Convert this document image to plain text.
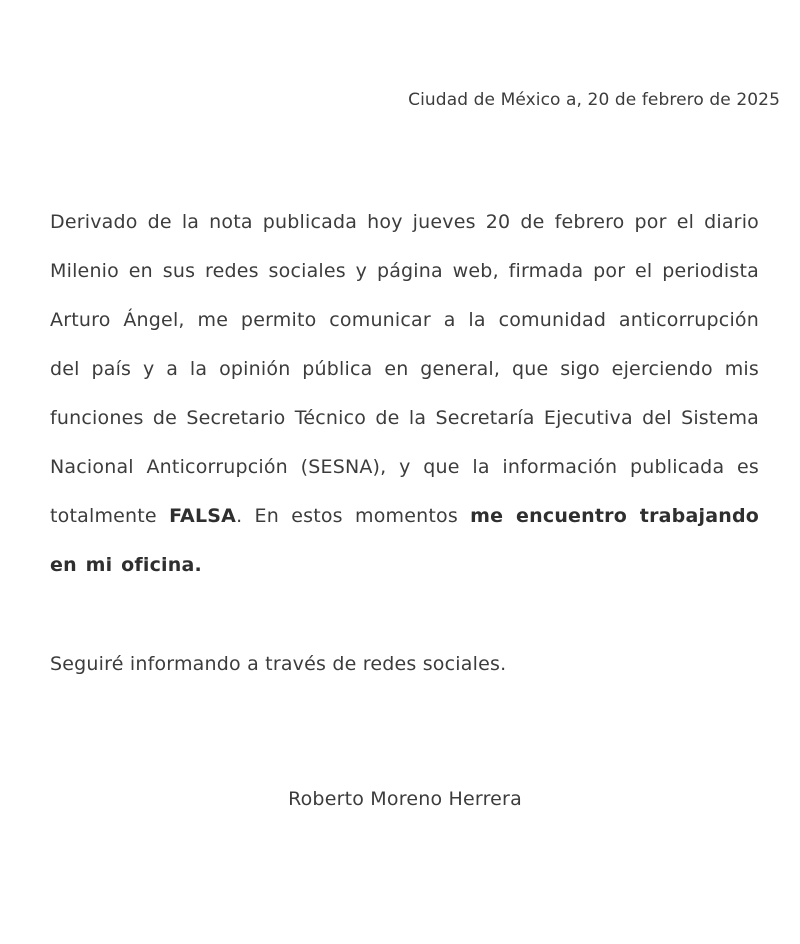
Ciudad de México a, 20 de febrero de 2025

Derivado de la nota publicada hoy jueves 20 de febrero por el diario Milenio en sus redes sociales y página web, firmada por el periodista Arturo Ángel, me permito comunicar a la comunidad anticorrupción del país y a la opinión pública en general, que sigo ejerciendo mis funciones de Secretario Técnico de la Secretaría Ejecutiva del Sistema Nacional Anticorrupción (SESNA), y que la información publicada es totalmente FALSA. En estos momentos me encuentro trabajando en mi oficina.

Seguiré informando a través de redes sociales.

Roberto Moreno Herrera
